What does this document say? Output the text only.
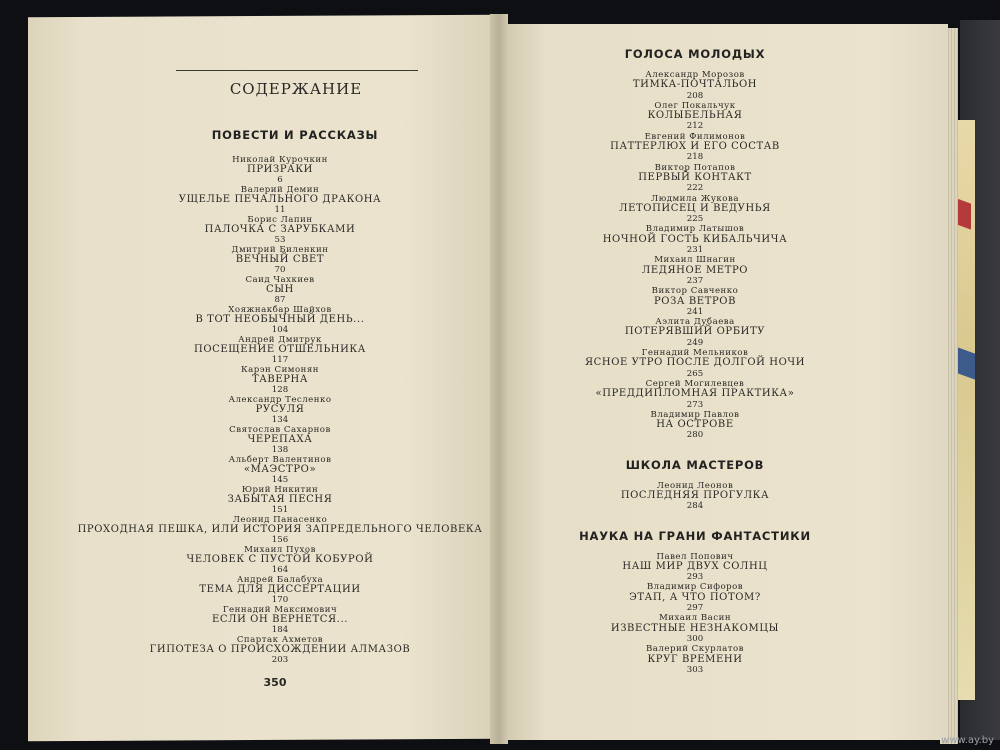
СОДЕРЖАНИЕ
ПОВЕСТИ И РАССКАЗЫ
Николай Курочкин
ПРИЗРАКИ
6
Валерий Демин
УЩЕЛЬЕ ПЕЧАЛЬНОГО ДРАКОНА
11
Борис Лапин
ПАЛОЧКА С ЗАРУБКАМИ
53
Дмитрий Биленкин
ВЕЧНЫЙ СВЕТ
70
Саид Чахкиев
СЫН
87
Хояжнакбар Шайхов
В ТОТ НЕОБЫЧНЫЙ ДЕНЬ...
104
Андрей Дмитрук
ПОСЕЩЕНИЕ ОТШЕЛЬНИКА
117
Карэн Симонян
ТАВЕРНА
128
Александр Тесленко
РУСУЛЯ
134
Святослав Сахарнов
ЧЕРЕПАХА
138
Альберт Валентинов
«МАЭСТРО»
145
Юрий Никитин
ЗАБЫТАЯ ПЕСНЯ
151
Леонид Панасенко
ПРОХОДНАЯ ПЕШКА, ИЛИ ИСТОРИЯ ЗАПРЕДЕЛЬНОГО ЧЕЛОВЕКА
156
Михаил Пухов
ЧЕЛОВЕК С ПУСТОЙ КОБУРОЙ
164
Андрей Балабуха
ТЕМА ДЛЯ ДИССЕРТАЦИИ
170
Геннадий Максимович
ЕСЛИ ОН ВЕРНЕТСЯ...
184
Спартак Ахметов
ГИПОТЕЗА О ПРОИСХОЖДЕНИИ АЛМАЗОВ
203
350
ГОЛОСА МОЛОДЫХ
Александр Морозов
ТИМКА-ПОЧТАЛЬОН
208
Олег Покальчук
КОЛЫБЕЛЬНАЯ
212
Евгений Филимонов
ПАТТЕРЛЮХ И ЕГО СОСТАВ
218
Виктор Потапов
ПЕРВЫЙ КОНТАКТ
222
Людмила Жукова
ЛЕТОПИСЕЦ И ВЕДУНЬЯ
225
Владимир Латышов
НОЧНОЙ ГОСТЬ КИБАЛЬЧИЧА
231
Михаил Шнагин
ЛЕДЯНОЕ МЕТРО
237
Виктор Савченко
РОЗА ВЕТРОВ
241
Аэлита Дубаева
ПОТЕРЯВШИЙ ОРБИТУ
249
Геннадий Мельников
ЯСНОЕ УТРО ПОСЛЕ ДОЛГОЙ НОЧИ
265
Сергей Могилевцев
«ПРЕДДИПЛОМНАЯ ПРАКТИКА»
273
Владимир Павлов
НА ОСТРОВЕ
280
ШКОЛА МАСТЕРОВ
Леонид Леонов
ПОСЛЕДНЯЯ ПРОГУЛКА
284
НАУКА НА ГРАНИ ФАНТАСТИКИ
Павел Попович
НАШ МИР ДВУХ СОЛНЦ
293
Владимир Сифоров
ЭТАП, А ЧТО ПОТОМ?
297
Михаил Васин
ИЗВЕСТНЫЕ НЕЗНАКОМЦЫ
300
Валерий Скурлатов
КРУГ ВРЕМЕНИ
303
www.ay.by
